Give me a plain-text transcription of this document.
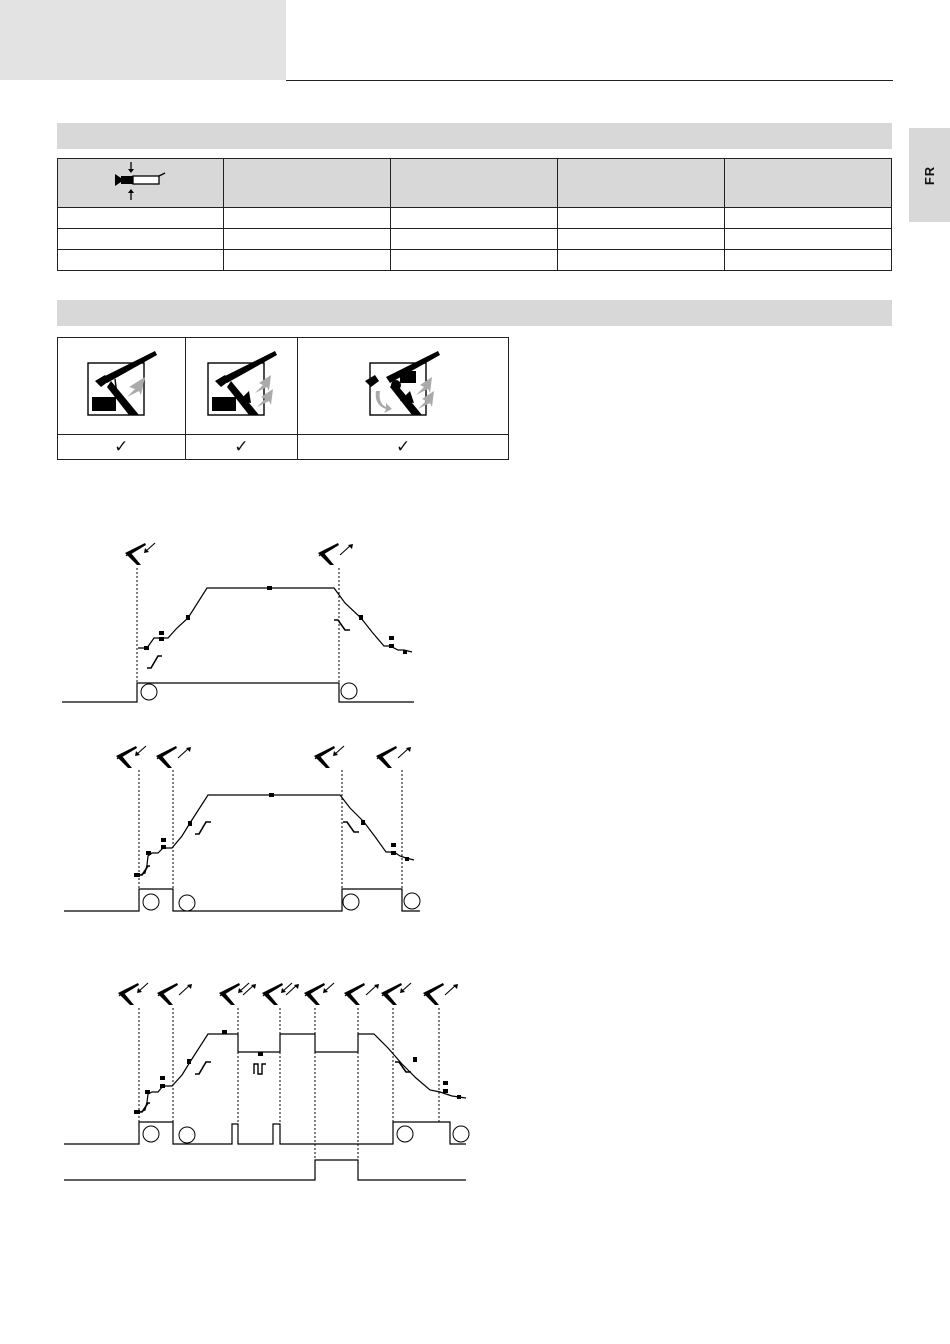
FR

✓	✓	✓
